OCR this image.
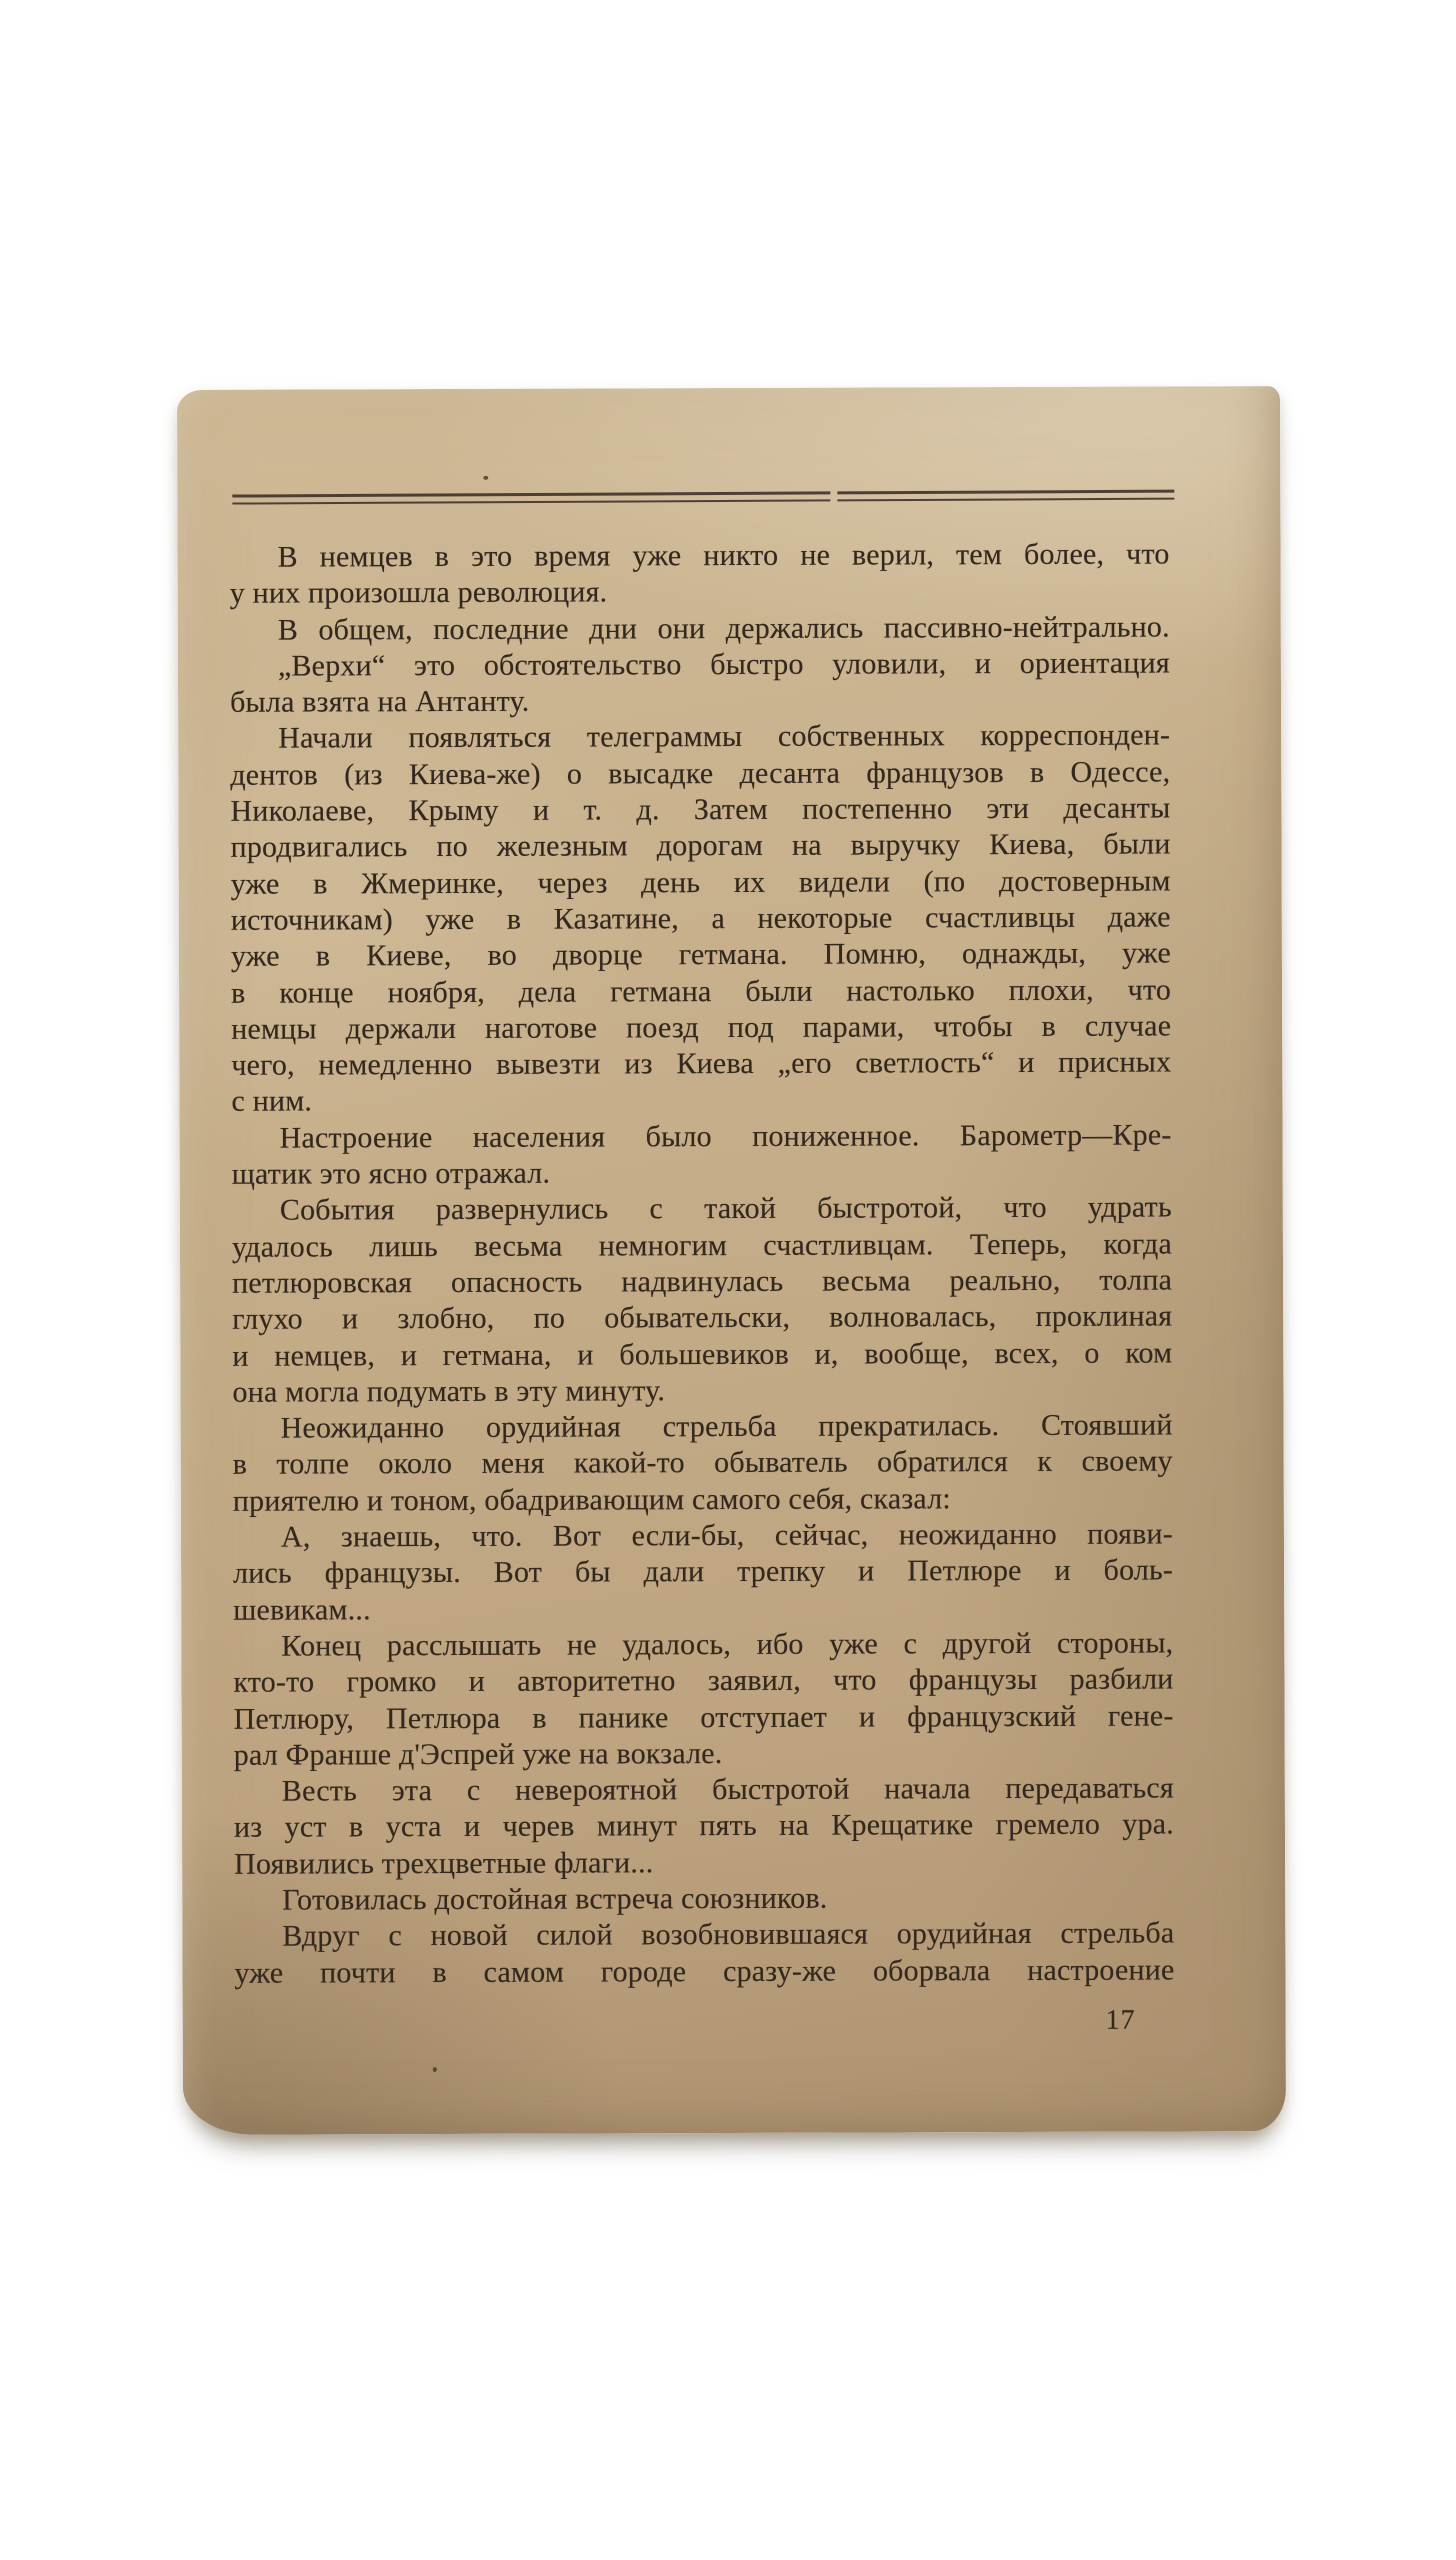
В немцев в это время уже никто не верил, тем более, что
у них произошла революция.
В общем, последние дни они держались пассивно-нейтрально.
„Верхи“ это обстоятельство быстро уловили, и ориентация
была взята на Антанту.
Начали появляться телеграммы собственных корреспонден-
дентов (из Киева-же) о высадке десанта французов в Одессе,
Николаеве, Крыму и т. д. Затем постепенно эти десанты
продвигались по железным дорогам на выручку Киева, были
уже в Жмеринке, через день их видели (по достоверным
источникам) уже в Казатине, а некоторые счастливцы даже
уже в Киеве, во дворце гетмана. Помню, однажды, уже
в конце ноября, дела гетмана были настолько плохи, что
немцы держали наготове поезд под парами, чтобы в случае
чего, немедленно вывезти из Киева „его светлость“ и присных
с ним.
Настроение населения было пониженное. Барометр—Кре-
щатик это ясно отражал.
События развернулись с такой быстротой, что удрать
удалось лишь весьма немногим счастливцам. Теперь, когда
петлюровская опасность надвинулась весьма реально, толпа
глухо и злобно, по обывательски, волновалась, проклиная
и немцев, и гетмана, и большевиков и, вообще, всех, о ком
она могла подумать в эту минуту.
Неожиданно орудийная стрельба прекратилась. Стоявший
в толпе около меня какой-то обыватель обратился к своему
приятелю и тоном, обадривающим самого себя, сказал:
А, знаешь, что. Вот если-бы, сейчас, неожиданно появи-
лись французы. Вот бы дали трепку и Петлюре и боль-
шевикам...
Конец расслышать не удалось, ибо уже с другой стороны,
кто-то громко и авторитетно заявил, что французы разбили
Петлюру, Петлюра в панике отступает и французский гене-
рал Франше д'Эспрей уже на вокзале.
Весть эта с невероятной быстротой начала передаваться
из уст в уста и черев минут пять на Крещатике гремело ура.
Появились трехцветные флаги...
Готовилась достойная встреча союзников.
Вдруг с новой силой возобновившаяся орудийная стрельба
уже почти в самом городе сразу-же оборвала настроение
17
